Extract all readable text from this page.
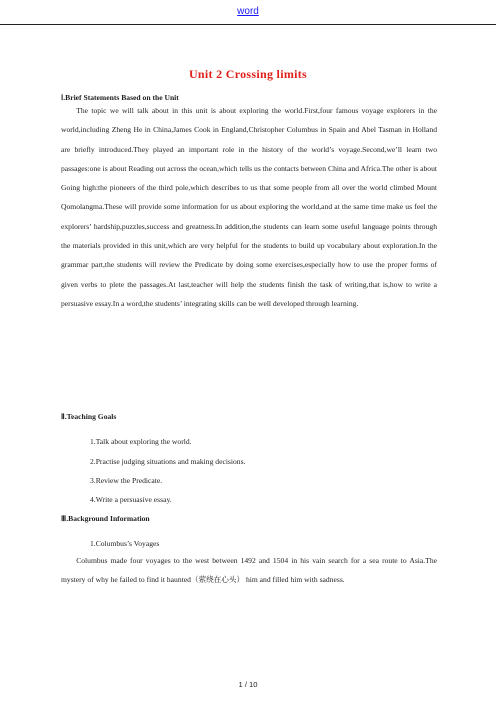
word
Unit 2 Crossing limits
Ⅰ.Brief Statements Based on the Unit

The topic we will talk about in this unit is about exploring the world.First,four famous voyage explorers in the world,including Zheng He in China,James Cook in England,Christopher Columbus in Spain and Abel Tasman in Holland are briefly introduced.They played an important role in the history of the world’s voyage.Second,we’ll learn two passages:one is about Reading out across the ocean,which tells us the contacts between China and Africa.The other is about Going high:the pioneers of the third pole,which describes to us that some people from all over the world climbed Mount Qomolangma.These will provide some information for us about exploring the world,and at the same time make us feel the explorers’ hardship,puzzles,success and greatness.In addition,the students can learn some useful language points through the materials provided in this unit,which are very helpful for the students to build up vocabulary about exploration.In the grammar part,the students will review the Predicate by doing some exercises,especially how to use the proper forms of given verbs to plete the passages.At last,teacher will help the students finish the task of writing,that is,how to write a persuasive essay.In a word,the students’ integrating skills can be well developed through learning.

Ⅱ.Teaching Goals
1.Talk about exploring the world.
2.Practise judging situations and making decisions.
3.Review the Predicate.
4.Write a persuasive essay.
Ⅲ.Background Information
1.Columbus’s Voyages

Columbus made four voyages to the west between 1492 and 1504 in his vain search for a sea route to Asia.The mystery of why he failed to find it haunted（萦绕在心头） him and filled him with sadness.

1 / 10
